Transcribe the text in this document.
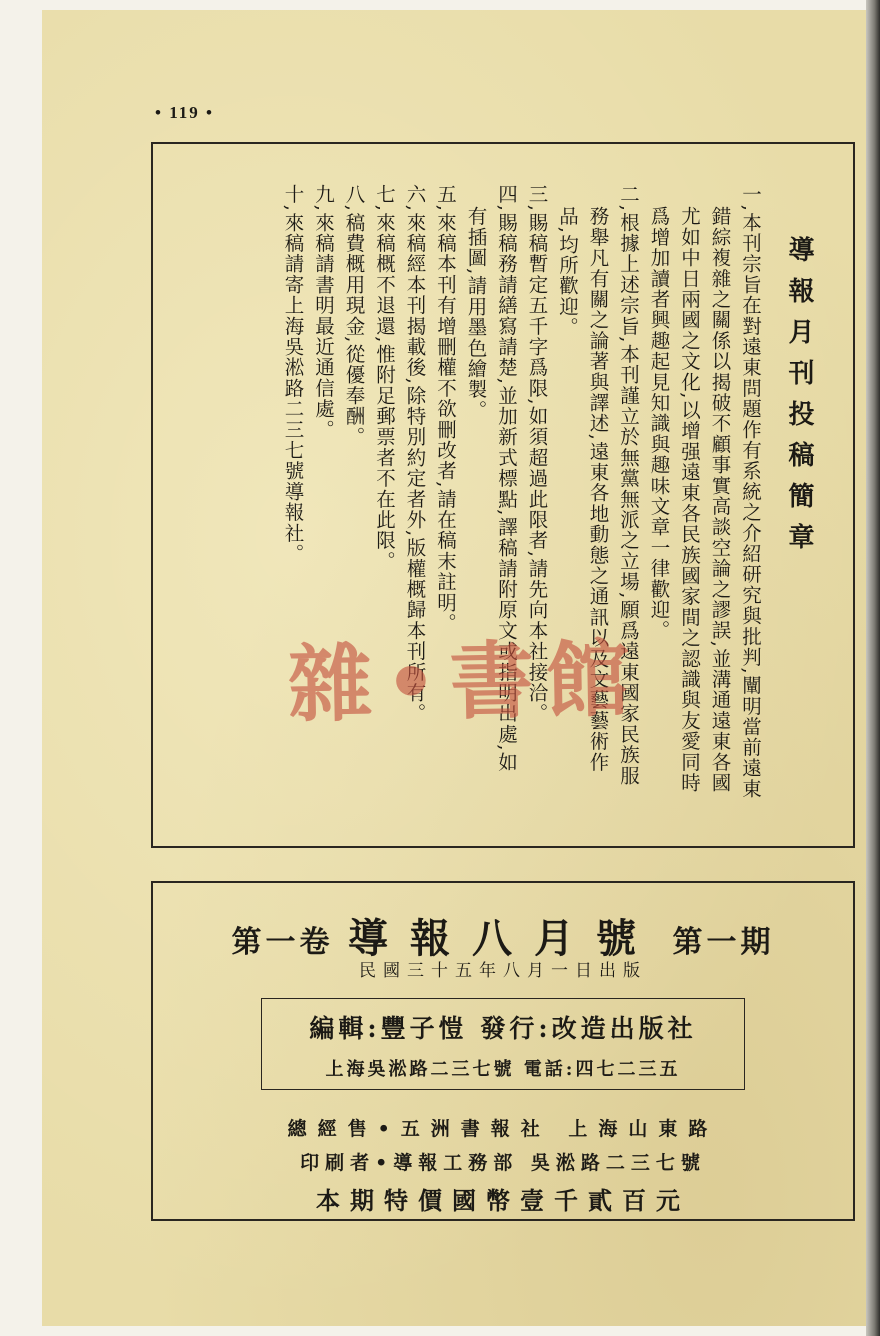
• 119 •

導報月刊投稿簡章

一,本刊宗旨在對遠東問題作有系統之介紹研究與批判,闡明當前遠東

錯綜複雜之關係以揭破不顧事實高談空論之謬誤,並溝通遠東各國

尤如中日兩國之文化,以增强遠東各民族國家間之認識與友愛同時

爲增加讀者興趣起見知識與趣味文章一律歡迎。

二,根據上述宗旨,本刊謹立於無黨無派之立場,願爲遠東國家民族服

務舉凡有關之論著與譯述,遠東各地動態之通訊以及文藝藝術作

品,均所歡迎。

三,賜稿暫定五千字爲限,如須超過此限者,請先向本社接洽。

四,賜稿務請繕寫請楚,並加新式標點,譯稿請附原文或指明出處,如

有插圖,請用墨色繪製。

五,來稿本刊有增刪權不欲刪改者,請在稿末註明。

六,來稿經本刊揭載後,除特別約定者外,版權概歸本刊所有。

七,來稿概不退還,惟附足郵票者不在此限。

八,稿費概用現金,從優奉酬。

九,來稿請書明最近通信處。

十,來稿請寄上海吳淞路二三七號導報社。

雜•書館
第一卷 導報八月號 第一期
民國三十五年八月一日出版
編輯:豐子愷 發行:改造出版社
上海吳淞路二三七號 電話:四七二三五
總經售•五洲書報社 上海山東路
印刷者•導報工務部 吳淞路二三七號
本期特價國幣壹千貳百元
